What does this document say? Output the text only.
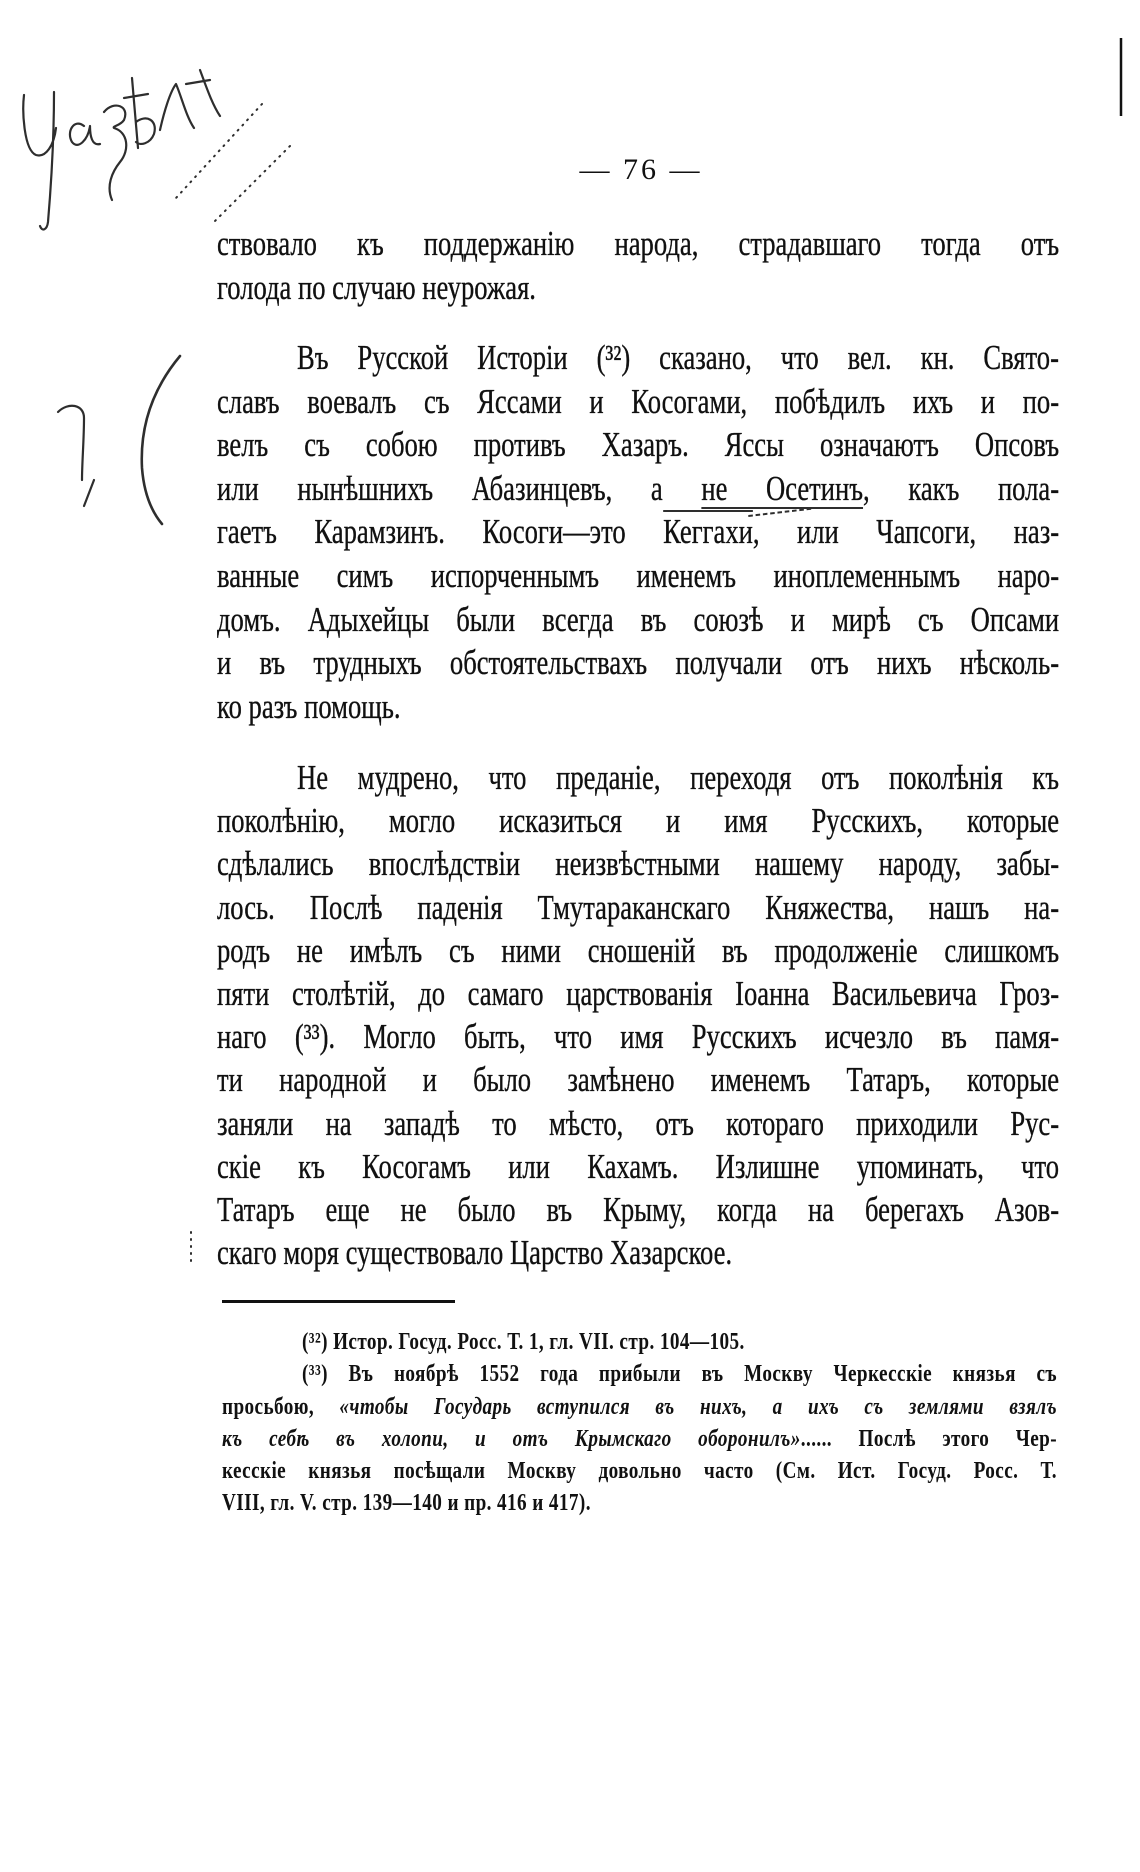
— 76 —
ствовало къ поддержанію народа, страдавшаго тогда отъ
голода по случаю неурожая.
Въ Русской Исторіи (³²) сказано, что вел. кн. Свято-
славъ воевалъ съ Яссами и Косогами, побѣдилъ ихъ и по-
велъ съ собою противъ Хазаръ. Яссы означаютъ Опсовъ
или нынѣшнихъ Абазинцевъ, а не Осетинъ, какъ пола-
гаетъ Карамзинъ. Косоги—это Кеггахи, или Чапсоги, наз-
ванные симъ испорченнымъ именемъ иноплеменнымъ наро-
домъ. Адыхейцы были всегда въ союзѣ и мирѣ съ Опсами
и въ трудныхъ обстоятельствахъ получали отъ нихъ нѣсколь-
ко разъ помощь.
Не мудрено, что преданіе, переходя отъ поколѣнія къ
поколѣнію, могло исказиться и имя Русскихъ, которые
сдѣлались впослѣдствіи неизвѣстными нашему народу, забы-
лось. Послѣ паденія Тмутараканскаго Княжества, нашъ на-
родъ не имѣлъ съ ними сношеній въ продолженіе слишкомъ
пяти столѣтій, до самаго царствованія Іоанна Васильевича Гроз-
наго (³³). Могло быть, что имя Русскихъ исчезло въ памя-
ти народной и было замѣнено именемъ Татаръ, которые
заняли на западѣ то мѣсто, отъ котораго приходили Рус-
скіе къ Косогамъ или Кахамъ. Излишне упоминать, что
Татаръ еще не было въ Крыму, когда на берегахъ Азов-
скаго моря существовало Царство Хазарское.
(³²) Истор. Госуд. Росс. Т. 1, гл. VII. стр. 104—105.
(³³) Въ ноябрѣ 1552 года прибыли въ Москву Черкесскіе князья съ
просьбою, «чтобы Государь вступился въ нихъ, а ихъ съ землями взялъ
къ себѣ въ холопи, и отъ Крымскаго оборонилъ»...... Послѣ этого Чер-
кесскіе князья посѣщали Москву довольно часто (См. Ист. Госуд. Росс. Т.
VIII, гл. V. стр. 139—140 и пр. 416 и 417).
